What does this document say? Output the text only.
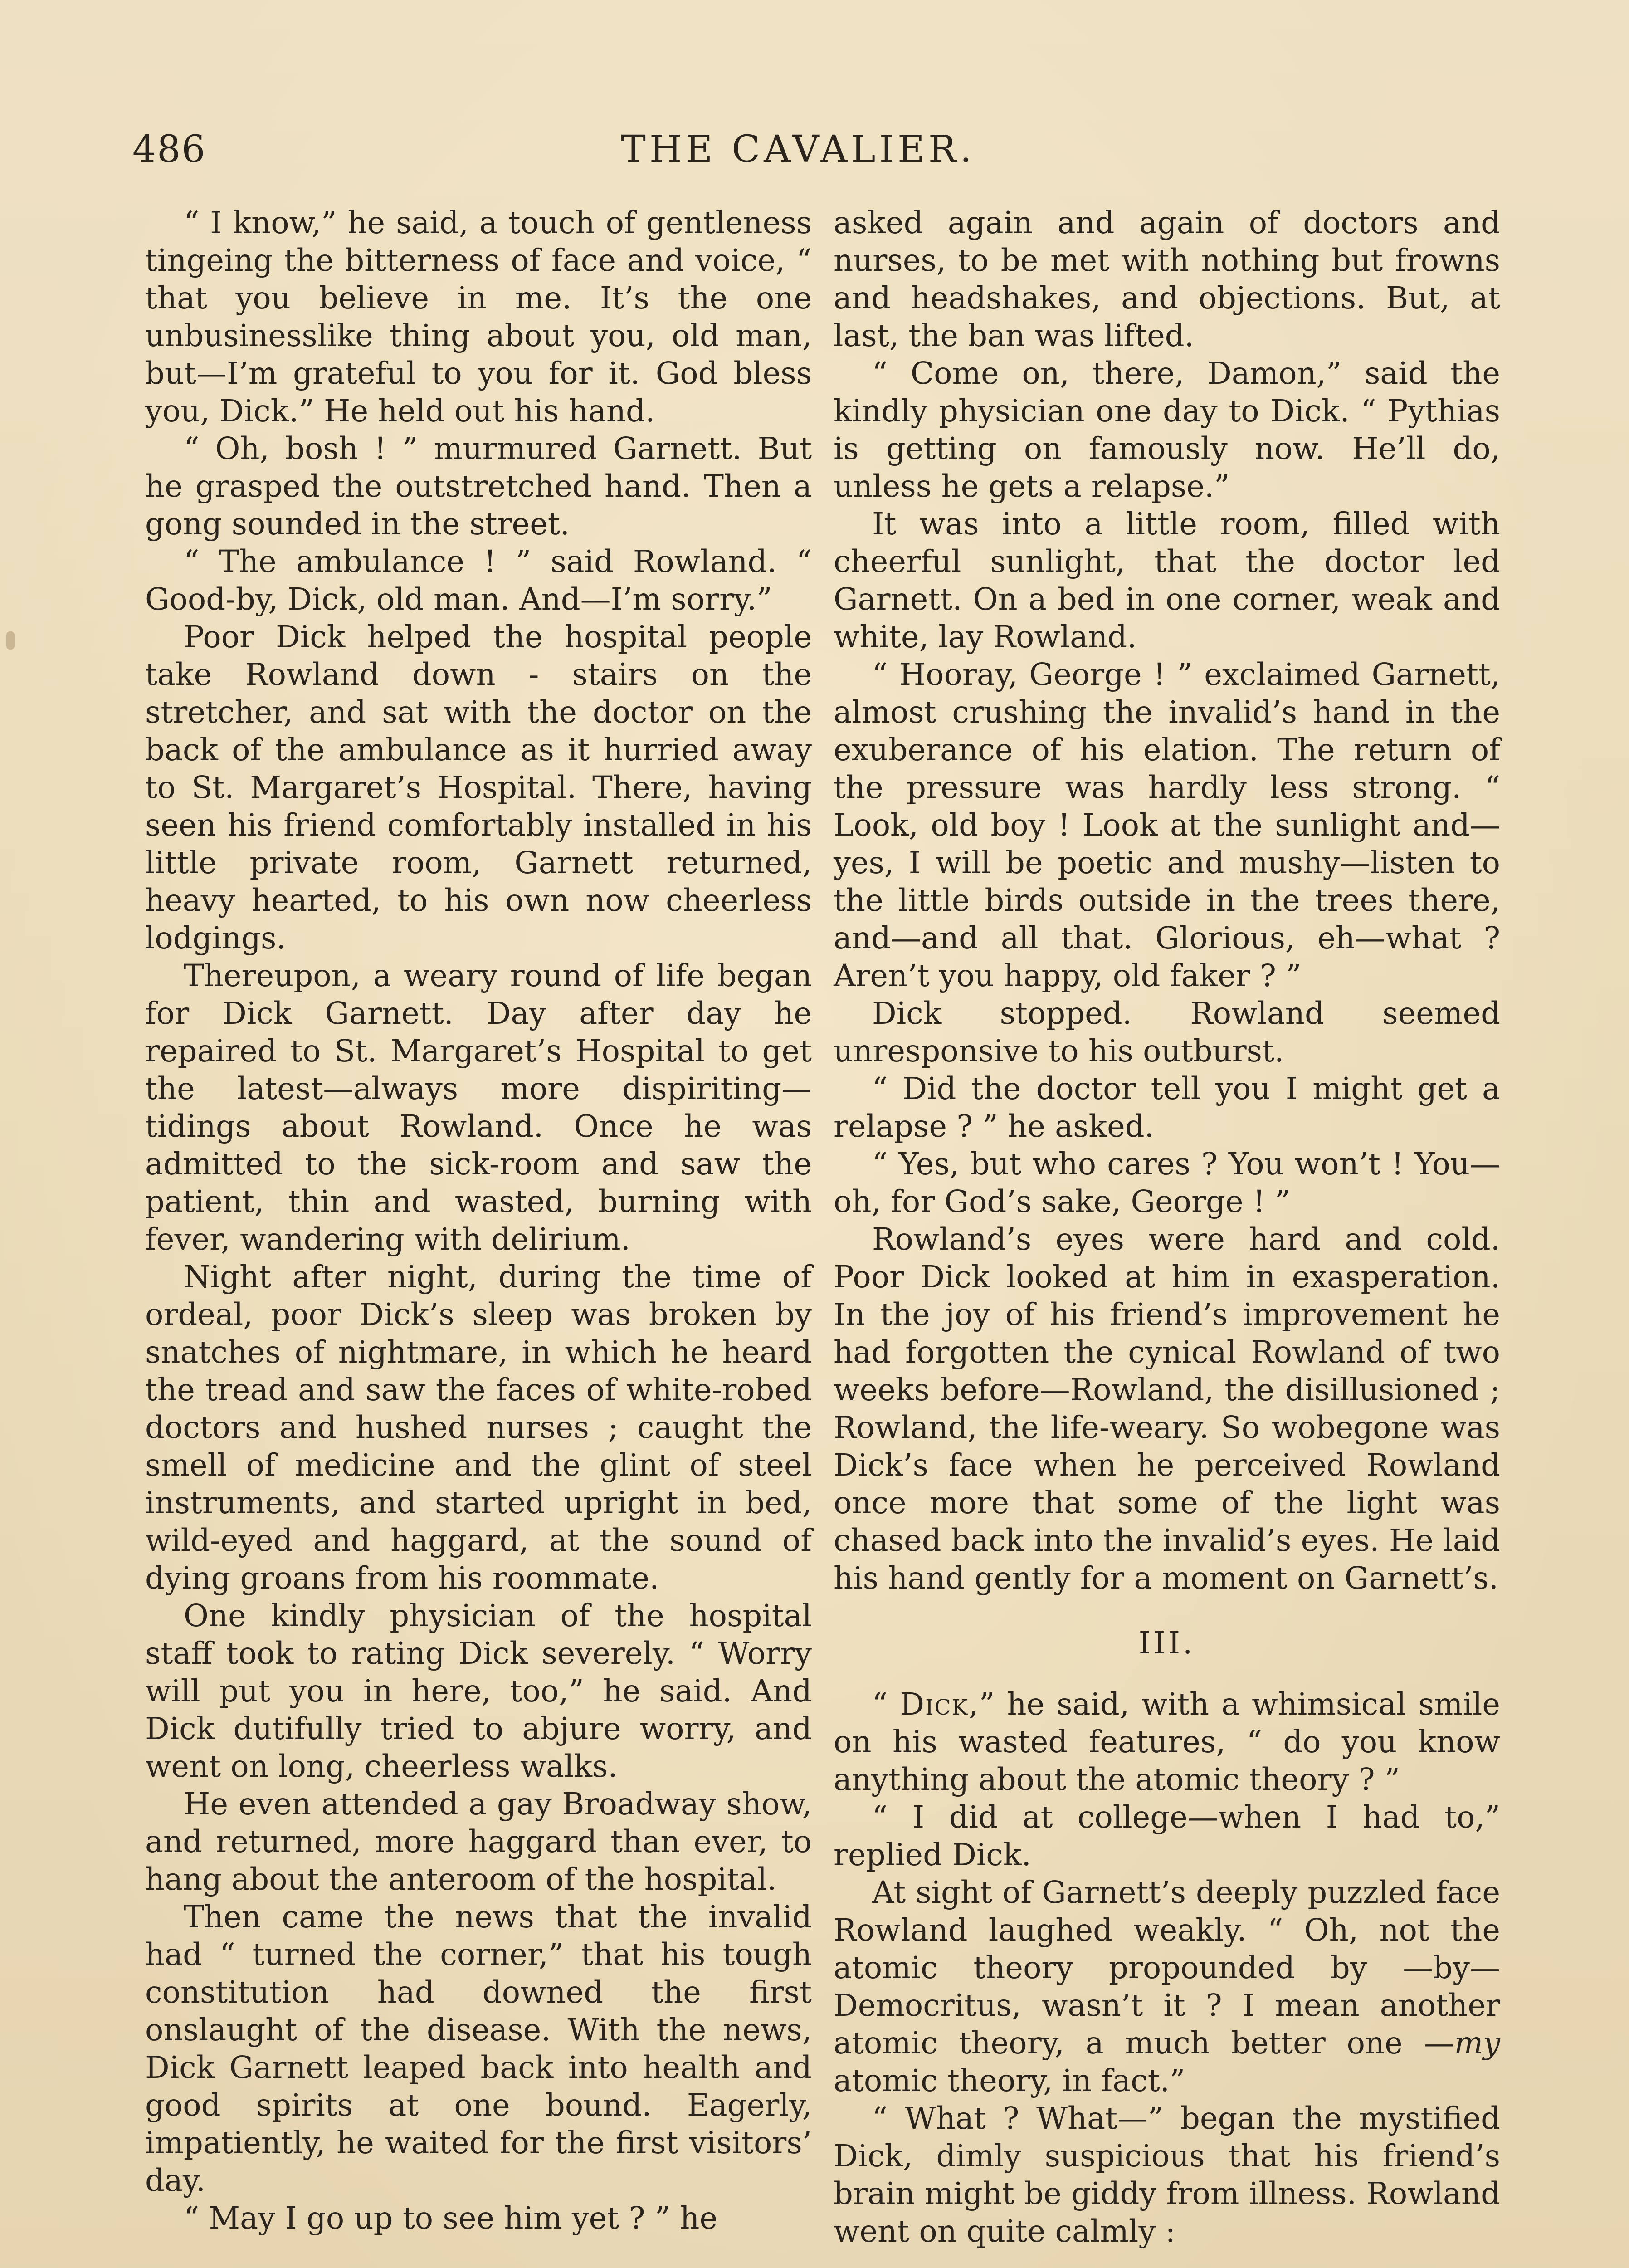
486	THE CAVALIER.

“ I know,” he said, a touch of gentleness tingeing the bitterness of face and voice, “ that you believe in me. It’s the one unbusinesslike thing about you, old man, but—I’m grateful to you for it. God bless you, Dick.” He held out his hand.

“ Oh, bosh ! ” murmured Garnett. But he grasped the outstretched hand. Then a gong sounded in the street.

“ The ambulance ! ” said Rowland. “ Good-by, Dick, old man. And—I’m sorry.”

Poor Dick helped the hospital people take Rowland down - stairs on the stretcher, and sat with the doctor on the back of the ambulance as it hurried away to St. Margaret’s Hospital. There, having seen his friend comfortably installed in his little private room, Garnett returned, heavy hearted, to his own now cheerless lodgings.

Thereupon, a weary round of life began for Dick Garnett. Day after day he repaired to St. Margaret’s Hospital to get the latest—always more dispiriting—tidings about Rowland. Once he was admitted to the sick-room and saw the patient, thin and wasted, burning with fever, wandering with delirium.

Night after night, during the time of ordeal, poor Dick’s sleep was broken by snatches of nightmare, in which he heard the tread and saw the faces of white-robed doctors and hushed nurses ; caught the smell of medicine and the glint of steel instruments, and started upright in bed, wild-eyed and haggard, at the sound of dying groans from his roommate.

One kindly physician of the hospital staff took to rating Dick severely. “ Worry will put you in here, too,” he said. And Dick dutifully tried to abjure worry, and went on long, cheerless walks.

He even attended a gay Broadway show, and returned, more haggard than ever, to hang about the anteroom of the hospital.

Then came the news that the invalid had “ turned the corner,” that his tough constitution had downed the first onslaught of the disease. With the news, Dick Garnett leaped back into health and good spirits at one bound. Eagerly, impatiently, he waited for the first visitors’ day.

“ May I go up to see him yet ? ” he

asked again and again of doctors and nurses, to be met with nothing but frowns and headshakes, and objections. But, at last, the ban was lifted.

“ Come on, there, Damon,” said the kindly physician one day to Dick. “ Pythias is getting on famously now. He’ll do, unless he gets a relapse.”

It was into a little room, filled with cheerful sunlight, that the doctor led Garnett. On a bed in one corner, weak and white, lay Rowland.

“ Hooray, George ! ” exclaimed Garnett, almost crushing the invalid’s hand in the exuberance of his elation. The return of the pressure was hardly less strong. “ Look, old boy ! Look at the sunlight and—yes, I will be poetic and mushy—listen to the little birds outside in the trees there, and—and all that. Glorious, eh—what ? Aren’t you happy, old faker ? ”

Dick stopped. Rowland seemed unresponsive to his outburst.

“ Did the doctor tell you I might get a relapse ? ” he asked.

“ Yes, but who cares ? You won’t ! You—oh, for God’s sake, George ! ”

Rowland’s eyes were hard and cold. Poor Dick looked at him in exasperation. In the joy of his friend’s improvement he had forgotten the cynical Rowland of two weeks before—Rowland, the disillusioned ; Rowland, the life-weary. So wobegone was Dick’s face when he perceived Rowland once more that some of the light was chased back into the invalid’s eyes. He laid his hand gently for a moment on Garnett’s.

III.

“ Dick,” he said, with a whimsical smile on his wasted features, “ do you know anything about the atomic theory ? ”

“ I did at college—when I had to,” replied Dick.

At sight of Garnett’s deeply puzzled face Rowland laughed weakly. “ Oh, not the atomic theory propounded by —by—Democritus, wasn’t it ? I mean another atomic theory, a much better one —my atomic theory, in fact.”

“ What ? What—” began the mystified Dick, dimly suspicious that his friend’s brain might be giddy from illness. Rowland went on quite calmly :
